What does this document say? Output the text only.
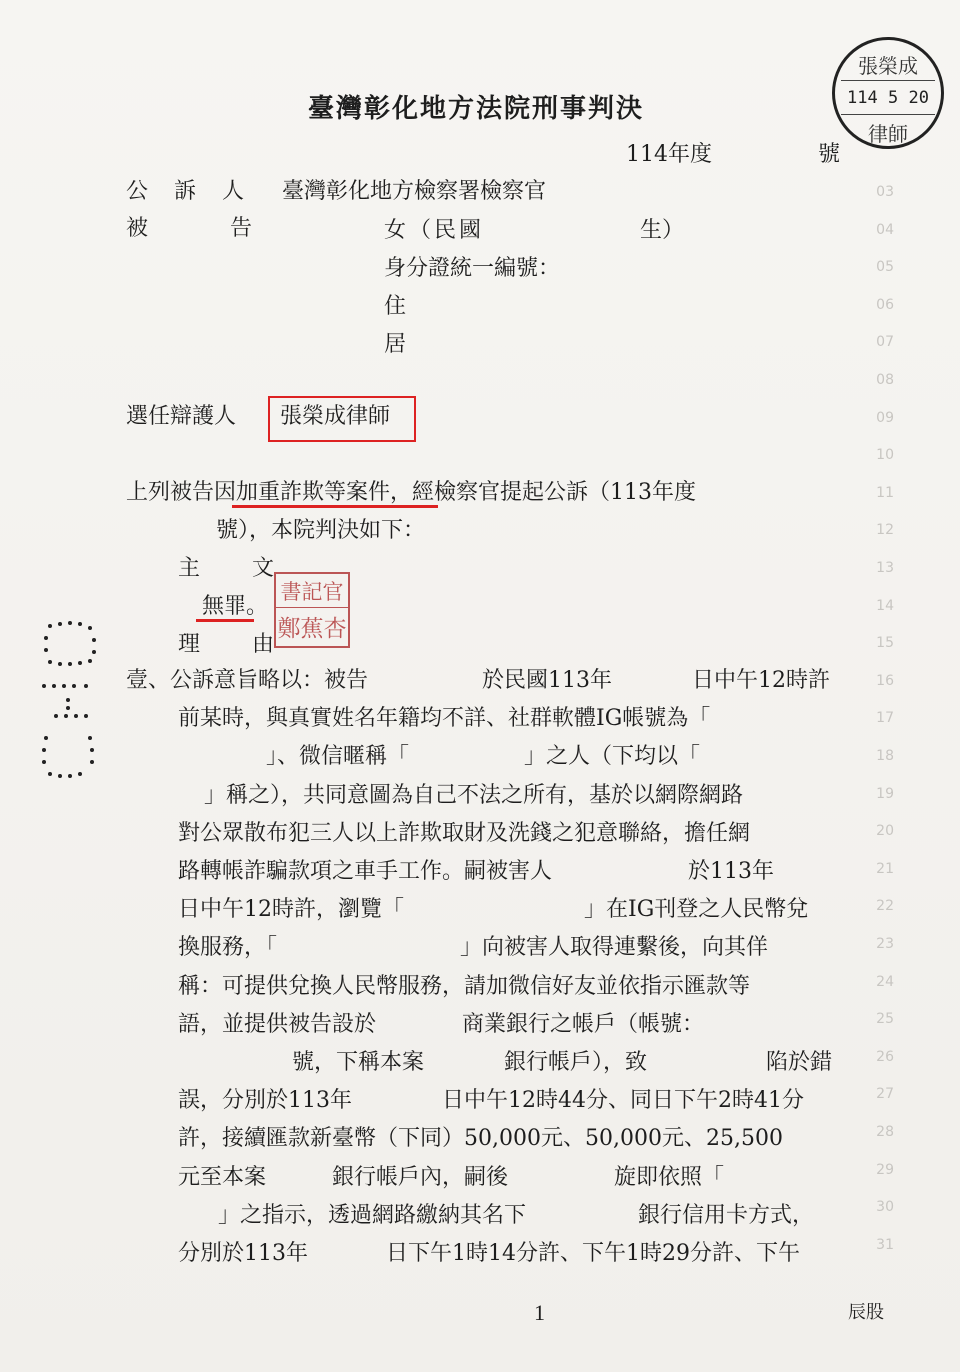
臺灣彰化地方法院刑事判決
114年度	號
張榮成
114 5 20
律師
公訴人 臺灣彰化地方檢察署檢察官
被告 女（民國	生）
身分證統一編號：
住
居
選任辯護人 張榮成律師
上列被告因加重詐欺等案件，經檢察官提起公訴（113年度
號），本院判決如下：
主文
無罪。
理由
書記官
鄭蕉杏
壹、公訴意旨略以：被告	於民國113年	日中午12時許
前某時，與真實姓名年籍均不詳、社群軟體IG帳號為「
」、微信暱稱「	」之人（下均以「
」稱之），共同意圖為自己不法之所有，基於以網際網路
對公眾散布犯三人以上詐欺取財及洗錢之犯意聯絡，擔任網
路轉帳詐騙款項之車手工作。嗣被害人	於113年
日中午12時許，瀏覽「	」在IG刊登之人民幣兌
換服務，「	」向被害人取得連繫後，向其佯
稱：可提供兌換人民幣服務，請加微信好友並依指示匯款等
語，並提供被告設於	商業銀行之帳戶（帳號：
號，下稱本案	銀行帳戶），致	陷於錯
誤，分別於113年	日中午12時44分、同日下午2時41分
許，接續匯款新臺幣（下同）50,000元、50,000元、25,500
元至本案	銀行帳戶內，嗣後	旋即依照「
」之指示，透過網路繳納其名下	銀行信用卡方式，
分別於113年	日下午1時14分許、下午1時29分許、下午
03
04
05
06
07
08
09
10
11
12
13
14
15
16
17
18
19
20
21
22
23
24
25
26
27
28
29
30
31
1	辰股
